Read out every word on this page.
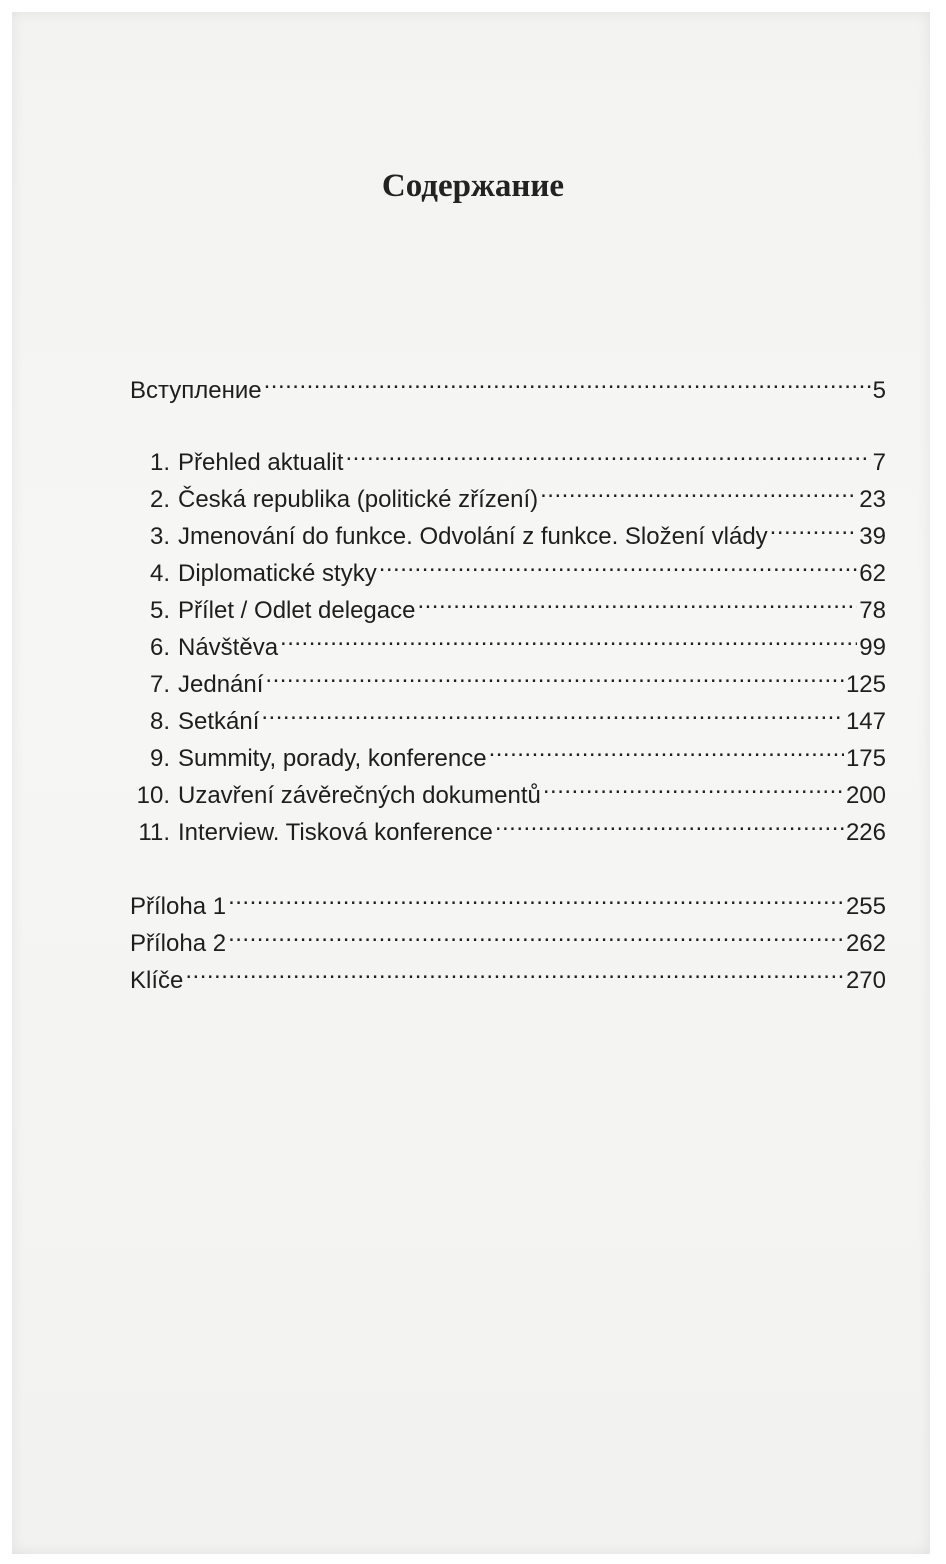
Содержание
Вступление .....	5
1. Přehled aktualit .....	7
2. Česká republika (politické zřízení) .....	23
3. Jmenování do funkce. Odvolání z funkce. Složení vlády .....	39
4. Diplomatické styky .....	62
5. Přílet / Odlet delegace .....	78
6. Návštěva .....	99
7. Jednání .....	125
8. Setkání .....	147
9. Summity, porady, konference .....	175
10. Uzavření závěrečných dokumentů .....	200
11. Interview. Tisková konference .....	226
Příloha 1 .....	255
Příloha 2 .....	262
Klíče .....	270
